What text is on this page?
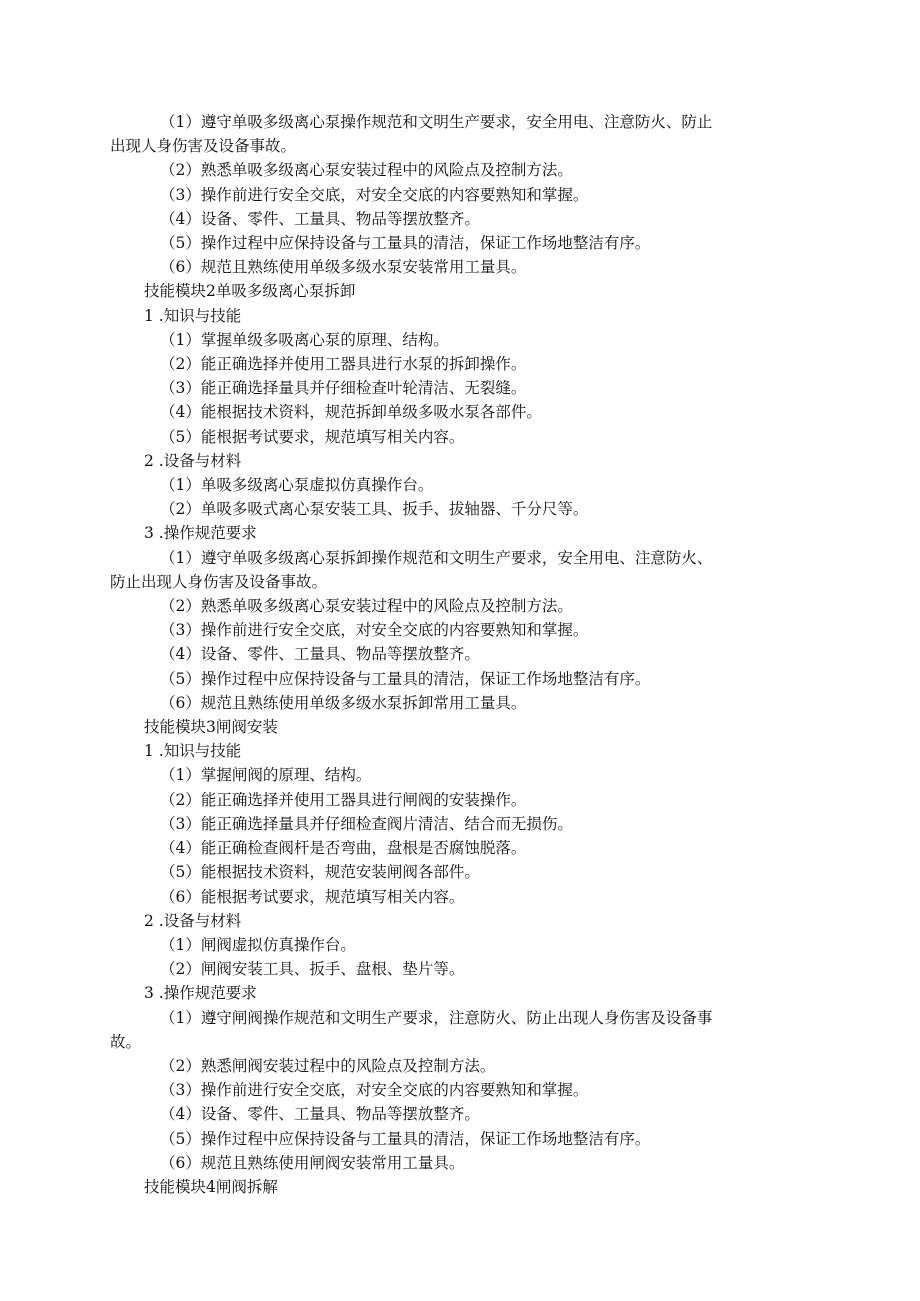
（1）遵守单吸多级离心泵操作规范和文明生产要求，安全用电、注意防火、防止

出现人身伤害及设备事故。

（2）熟悉单吸多级离心泵安装过程中的风险点及控制方法。

（3）操作前进行安全交底，对安全交底的内容要熟知和掌握。

（4）设备、零件、工量具、物品等摆放整齐。

（5）操作过程中应保持设备与工量具的清洁，保证工作场地整洁有序。

（6）规范且熟练使用单级多级水泵安装常用工量具。

技能模块2单吸多级离心泵拆卸

1 .知识与技能

（1）掌握单级多吸离心泵的原理、结构。

（2）能正确选择并使用工器具进行水泵的拆卸操作。

（3）能正确选择量具并仔细检查叶轮清洁、无裂缝。

（4）能根据技术资料，规范拆卸单级多吸水泵各部件。

（5）能根据考试要求，规范填写相关内容。

2 .设备与材料

（1）单吸多级离心泵虚拟仿真操作台。

（2）单吸多吸式离心泵安装工具、扳手、拔轴器、千分尺等。

3 .操作规范要求

（1）遵守单吸多级离心泵拆卸操作规范和文明生产要求，安全用电、注意防火、

防止出现人身伤害及设备事故。

（2）熟悉单吸多级离心泵安装过程中的风险点及控制方法。

（3）操作前进行安全交底，对安全交底的内容要熟知和掌握。

（4）设备、零件、工量具、物品等摆放整齐。

（5）操作过程中应保持设备与工量具的清洁，保证工作场地整洁有序。

（6）规范且熟练使用单级多级水泵拆卸常用工量具。

技能模块3闸阀安装

1 .知识与技能

（1）掌握闸阀的原理、结构。

（2）能正确选择并使用工器具进行闸阀的安装操作。

（3）能正确选择量具并仔细检查阀片清洁、结合而无损伤。

（4）能正确检查阀杆是否弯曲，盘根是否腐蚀脱落。

（5）能根据技术资料，规范安装闸阀各部件。

（6）能根据考试要求，规范填写相关内容。

2 .设备与材料

（1）闸阀虚拟仿真操作台。

（2）闸阀安装工具、扳手、盘根、垫片等。

3 .操作规范要求

（1）遵守闸阀操作规范和文明生产要求，注意防火、防止出现人身伤害及设备事

故。

（2）熟悉闸阀安装过程中的风险点及控制方法。

（3）操作前进行安全交底，对安全交底的内容要熟知和掌握。

（4）设备、零件、工量具、物品等摆放整齐。

（5）操作过程中应保持设备与工量具的清洁，保证工作场地整洁有序。

（6）规范且熟练使用闸阀安装常用工量具。

技能模块4闸阀拆解
